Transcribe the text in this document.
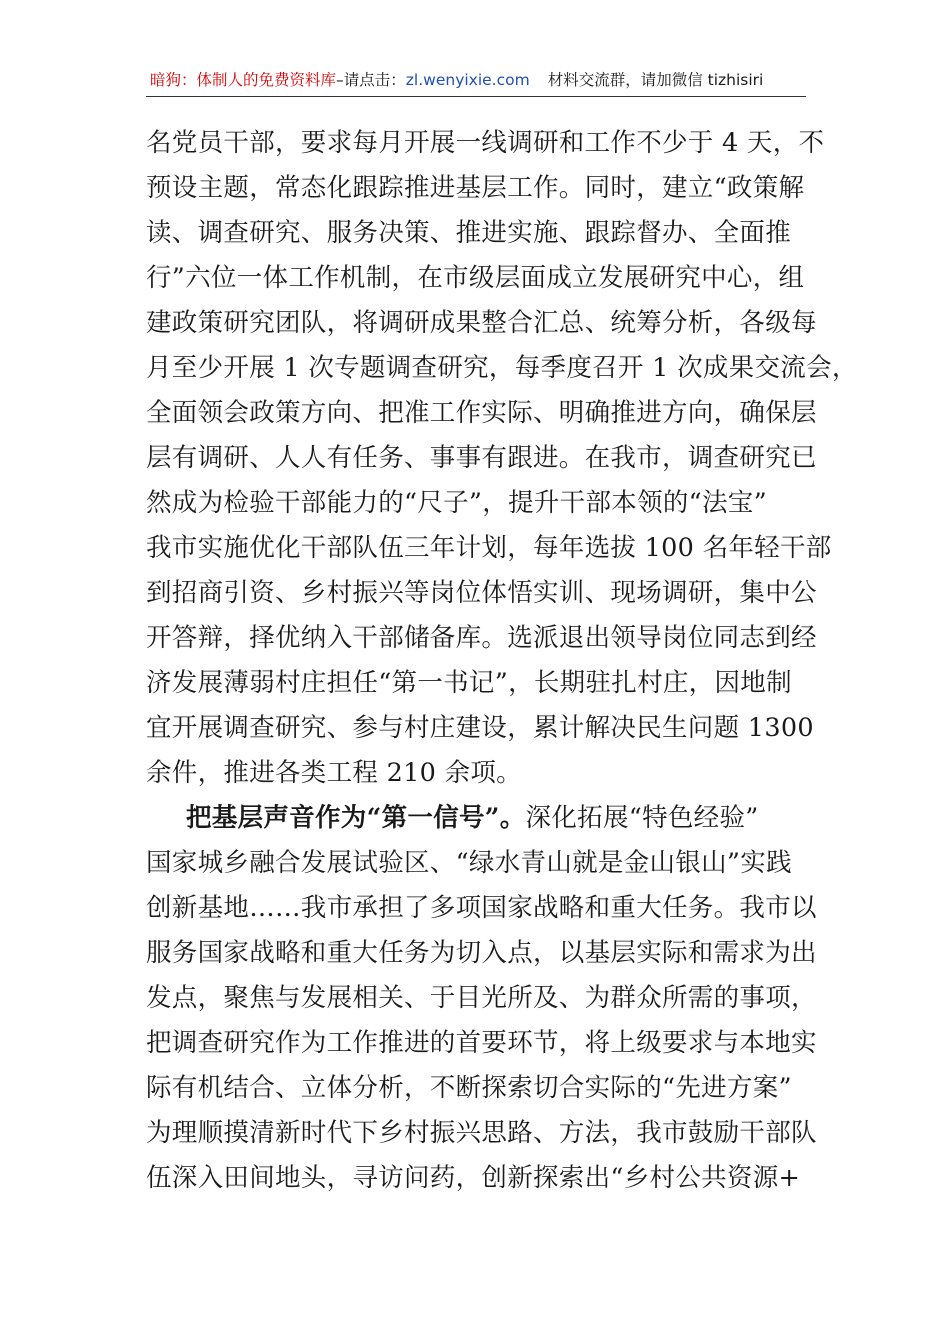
暗狗：体制人的免费资料库 –请点击： zl.wenyixie.com 材料交流群，请加微信 tizhisiri
名党员干部，要求每月开展一线调研和工作不少于 4 天，不
预设主题，常态化跟踪推进基层工作。同时，建立“政策解
读、调查研究、服务决策、推进实施、跟踪督办、全面推
行”六位一体工作机制，在市级层面成立发展研究中心，组
建政策研究团队，将调研成果整合汇总、统筹分析，各级每
月至少开展 1 次专题调查研究，每季度召开 1 次成果交流会，
全面领会政策方向、把准工作实际、明确推进方向，确保层
层有调研、人人有任务、事事有跟进。在我市，调查研究已
然成为检验干部能力的“尺子”，提升干部本领的“法宝”
我市实施优化干部队伍三年计划，每年选拔 100 名年轻干部
到招商引资、乡村振兴等岗位体悟实训、现场调研，集中公
开答辩，择优纳入干部储备库。选派退出领导岗位同志到经
济发展薄弱村庄担任“第一书记”，长期驻扎村庄，因地制
宜开展调查研究、参与村庄建设，累计解决民生问题 1300
余件，推进各类工程 210 余项。
把基层声音作为“第一信号”。深化拓展“特色经验”
国家城乡融合发展试验区、“绿水青山就是金山银山”实践
创新基地……我市承担了多项国家战略和重大任务。我市以
服务国家战略和重大任务为切入点，以基层实际和需求为出
发点，聚焦与发展相关、于目光所及、为群众所需的事项，
把调查研究作为工作推进的首要环节，将上级要求与本地实
际有机结合、立体分析，不断探索切合实际的“先进方案”
为理顺摸清新时代下乡村振兴思路、方法，我市鼓励干部队
伍深入田间地头，寻访问药，创新探索出“乡村公共资源+
